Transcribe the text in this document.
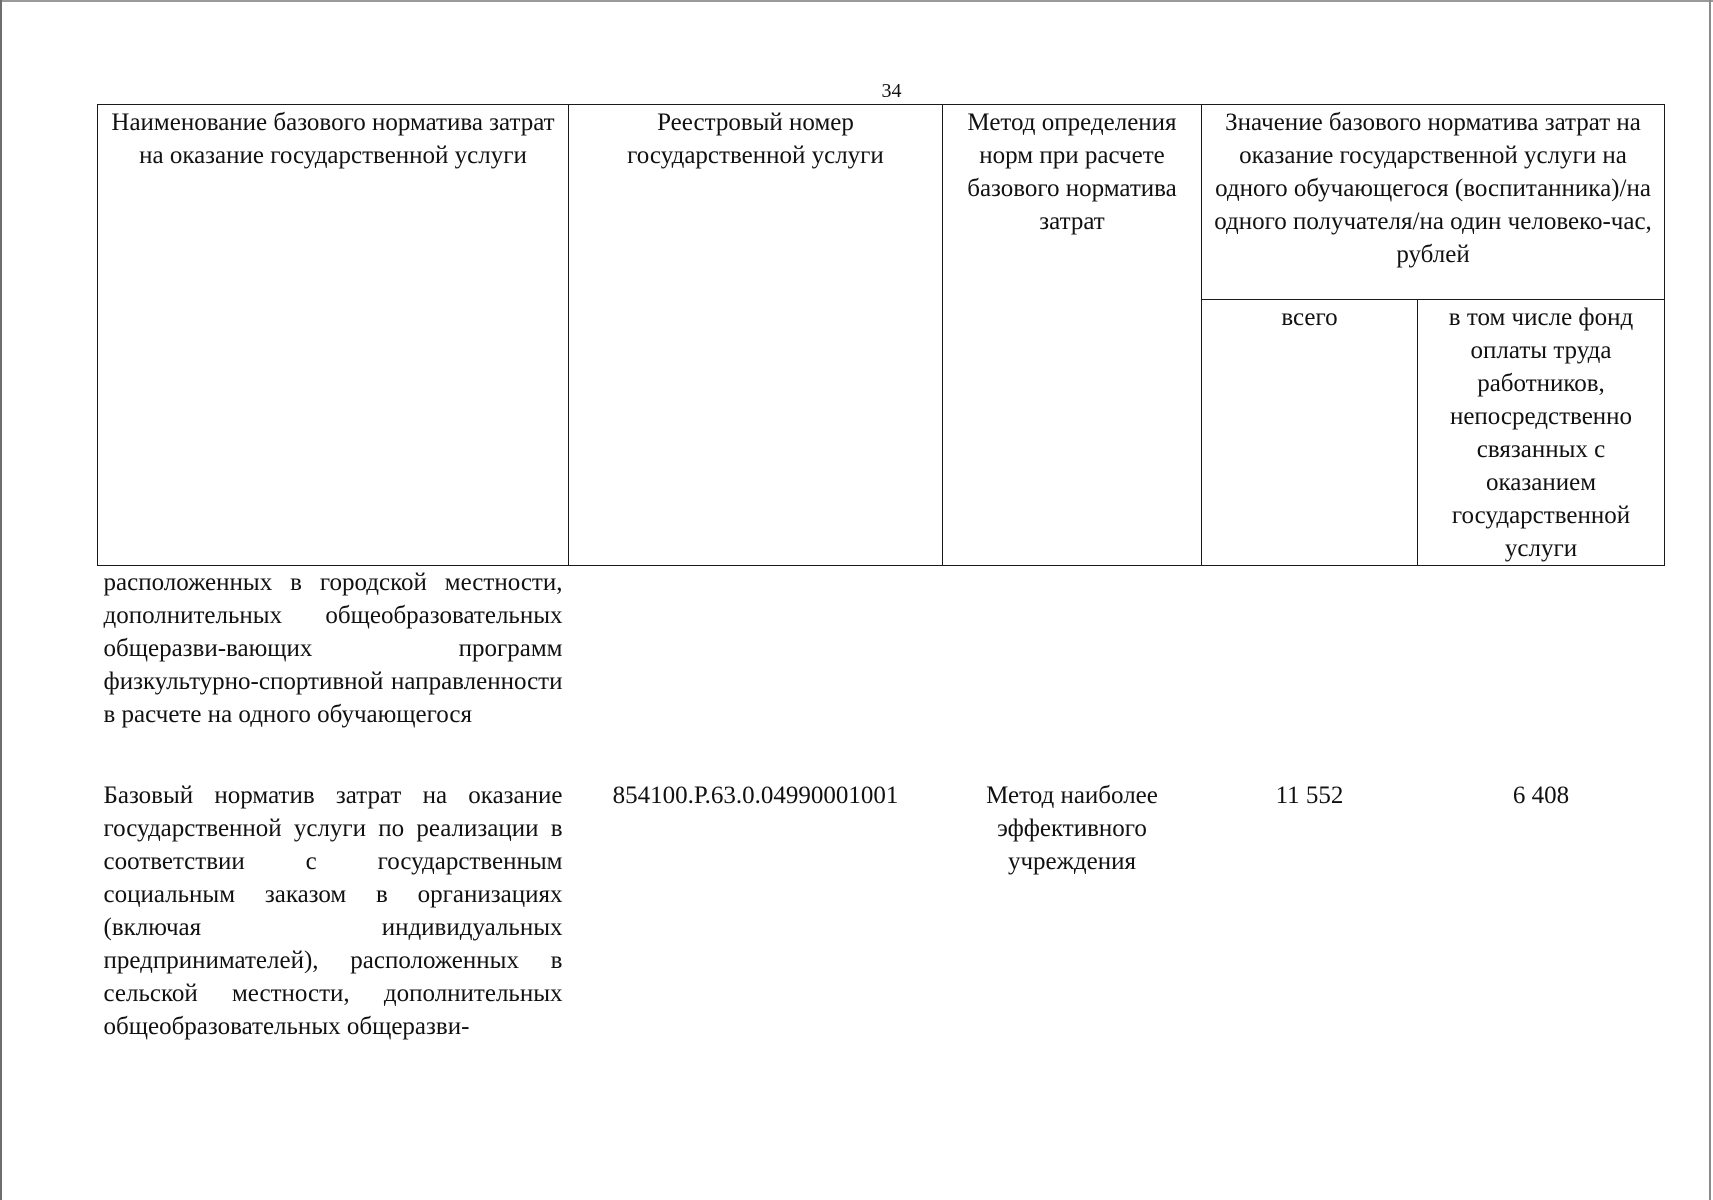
34
Наименование базового норматива затрат на оказание государственной услуги	Реестровый номер государственной услуги	Метод определения норм при расчете базового норматива затрат	Значение базового норматива затрат на оказание государственной услуги на одного обучающегося (воспитанника)/на одного получателя/на один человеко-час, рублей	
			всего	в том числе фонд оплаты труда работников, непосредственно связанных с оказанием государственной услуги
расположенных в городской местности, дополнительных общеобразовательных общеразви-вающих программ физкультурно-спортивной направленности в расчете на одного обучающегося				
Базовый норматив затрат на оказание государственной услуги по реализации в соответствии с государственным социальным заказом в организациях (включая индивидуальных предпринимателей), расположенных в сельской местности, дополнительных общеобразовательных общеразви-	854100.Р.63.0.04990001001	Метод наиболее эффективного учреждения	11 552	6 408
